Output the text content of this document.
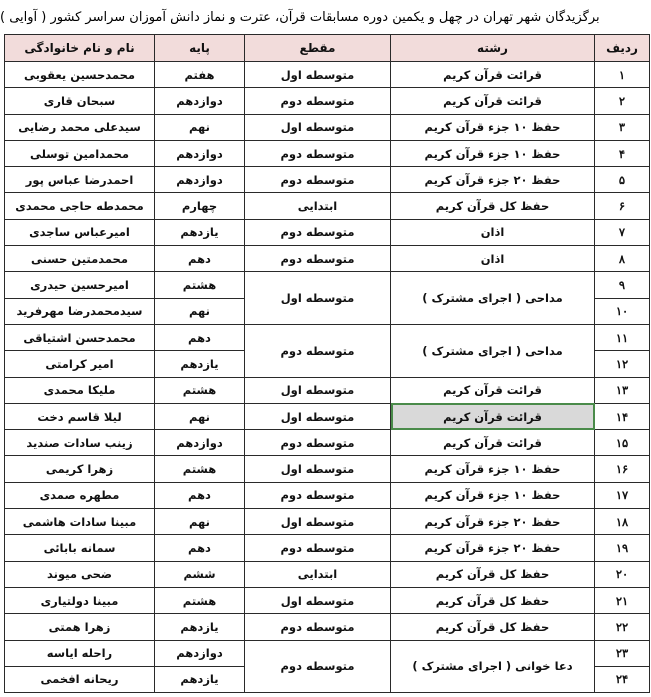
برگزیدگان شهر تهران در چهل و یکمین دوره مسابقات قرآن، عترت و نماز دانش آموزان سراسر کشور ( آوایی )
ردیف	رشته	مقطع	پایه	نام و نام خانوادگی
۱	قرائت قرآن کریم	متوسطه اول	هفتم	محمدحسین یعقوبی
۲	قرائت قرآن کریم	متوسطه دوم	دوازدهم	سبحان قاری
۳	حفظ ۱۰ جزء قرآن کریم	متوسطه اول	نهم	سیدعلی محمد رضایی
۴	حفظ ۱۰ جزء قرآن کریم	متوسطه دوم	دوازدهم	محمدامین توسلی
۵	حفظ ۲۰ جزء قرآن کریم	متوسطه دوم	دوازدهم	احمدرضا عباس پور
۶	حفظ کل قرآن کریم	ابتدایی	چهارم	محمدطه حاجی محمدی
۷	اذان	متوسطه دوم	یازدهم	امیرعباس ساجدی
۸	اذان	متوسطه دوم	دهم	محمدمتین حسنی
۹	مداحی ( اجرای مشترک )	متوسطه اول	هشتم	امیرحسین حیدری
۱۰			نهم	سیدمحمدرضا مهرفرید
۱۱	مداحی ( اجرای مشترک )	متوسطه دوم	دهم	محمدحسن اشتیاقی
۱۲			یازدهم	امیر کرامتی
۱۳	قرائت قرآن کریم	متوسطه اول	هشتم	ملیکا محمدی
۱۴	قرائت قرآن کریم	متوسطه اول	نهم	لیلا قاسم دخت
۱۵	قرائت قرآن کریم	متوسطه دوم	دوازدهم	زینب سادات صندید
۱۶	حفظ ۱۰ جزء قرآن کریم	متوسطه اول	هشتم	زهرا کریمی
۱۷	حفظ ۱۰ جزء قرآن کریم	متوسطه دوم	دهم	مطهره صمدی
۱۸	حفظ ۲۰ جزء قرآن کریم	متوسطه اول	نهم	مبینا سادات هاشمی
۱۹	حفظ ۲۰ جزء قرآن کریم	متوسطه دوم	دهم	سمانه بابائی
۲۰	حفظ کل قرآن کریم	ابتدایی	ششم	ضحی میوند
۲۱	حفظ کل قرآن کریم	متوسطه اول	هشتم	مبینا دولتیاری
۲۲	حفظ کل قرآن کریم	متوسطه دوم	یازدهم	زهرا همتی
۲۳	دعا خوانی ( اجرای مشترک )	متوسطه دوم	دوازدهم	راحله ایاسه
۲۴			یازدهم	ریحانه افخمی
